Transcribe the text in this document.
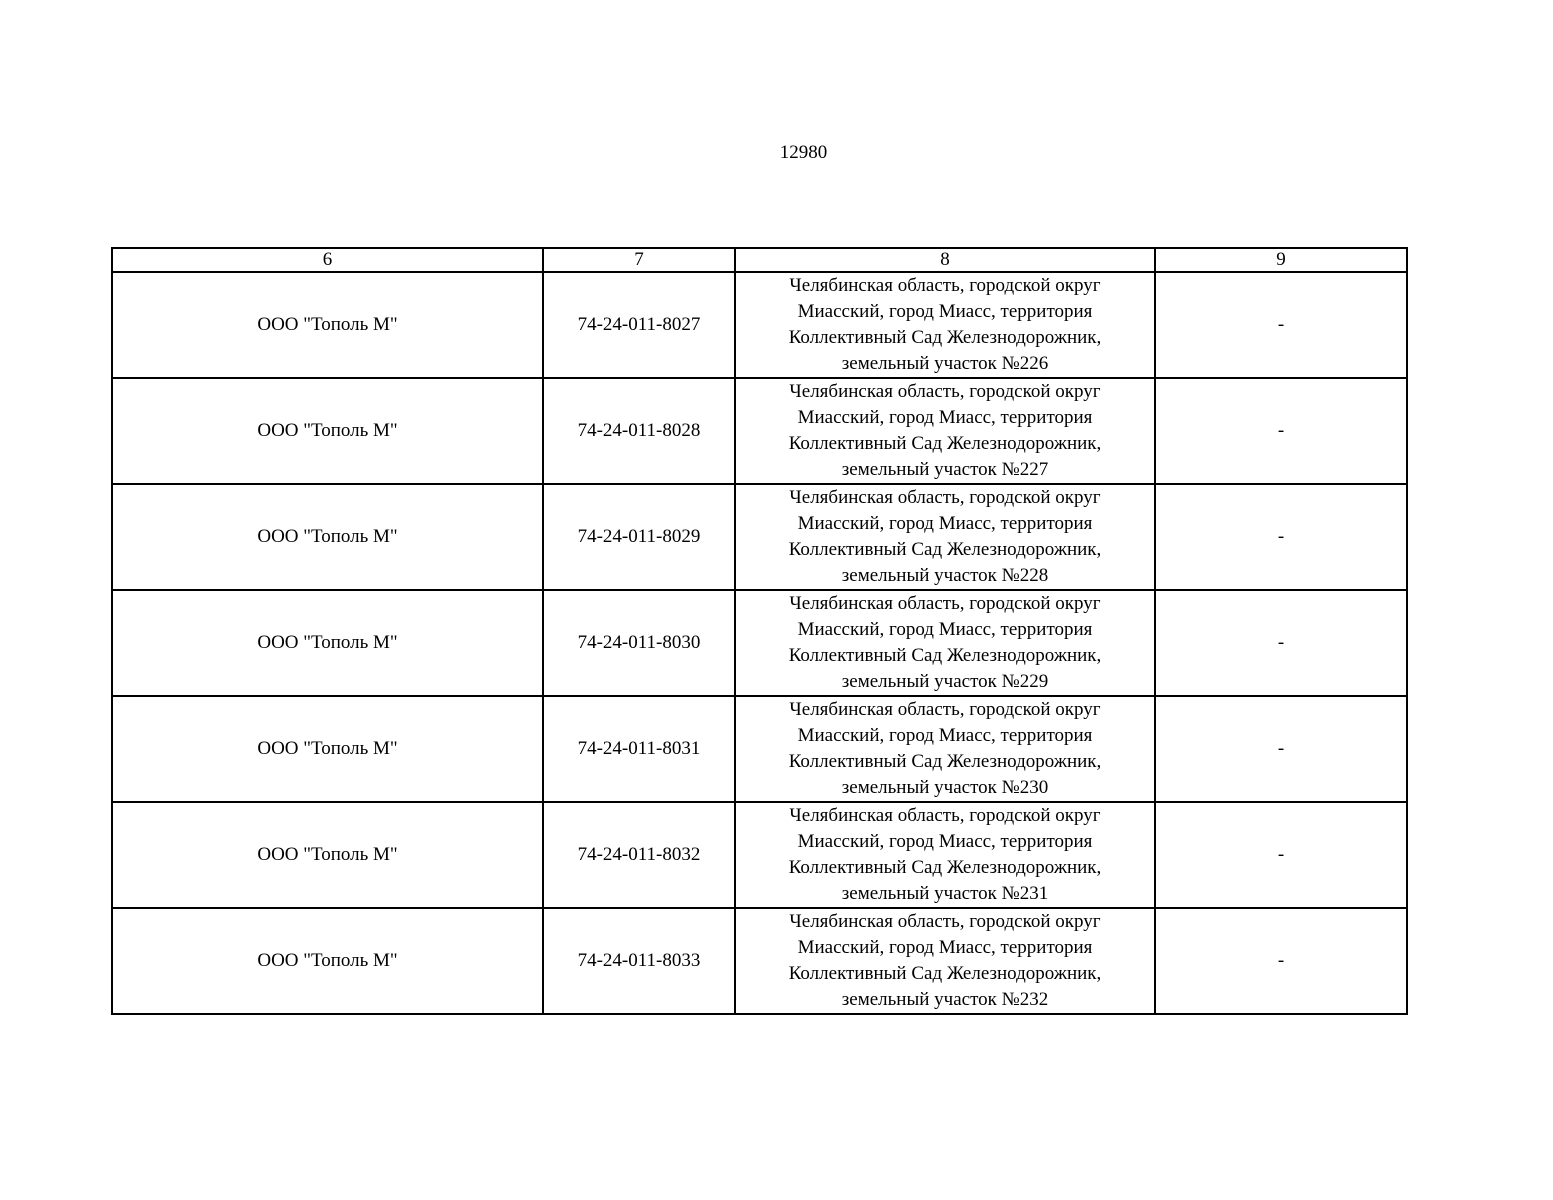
12980
6	7	8	9
ООО "Тополь М"	74-24-011-8027	Челябинская область, городской округ
Миасский, город Миасс, территория
Коллективный Сад Железнодорожник,
земельный участок №226	-
ООО "Тополь М"	74-24-011-8028	Челябинская область, городской округ
Миасский, город Миасс, территория
Коллективный Сад Железнодорожник,
земельный участок №227	-
ООО "Тополь М"	74-24-011-8029	Челябинская область, городской округ
Миасский, город Миасс, территория
Коллективный Сад Железнодорожник,
земельный участок №228	-
ООО "Тополь М"	74-24-011-8030	Челябинская область, городской округ
Миасский, город Миасс, территория
Коллективный Сад Железнодорожник,
земельный участок №229	-
ООО "Тополь М"	74-24-011-8031	Челябинская область, городской округ
Миасский, город Миасс, территория
Коллективный Сад Железнодорожник,
земельный участок №230	-
ООО "Тополь М"	74-24-011-8032	Челябинская область, городской округ
Миасский, город Миасс, территория
Коллективный Сад Железнодорожник,
земельный участок №231	-
ООО "Тополь М"	74-24-011-8033	Челябинская область, городской округ
Миасский, город Миасс, территория
Коллективный Сад Железнодорожник,
земельный участок №232	-
